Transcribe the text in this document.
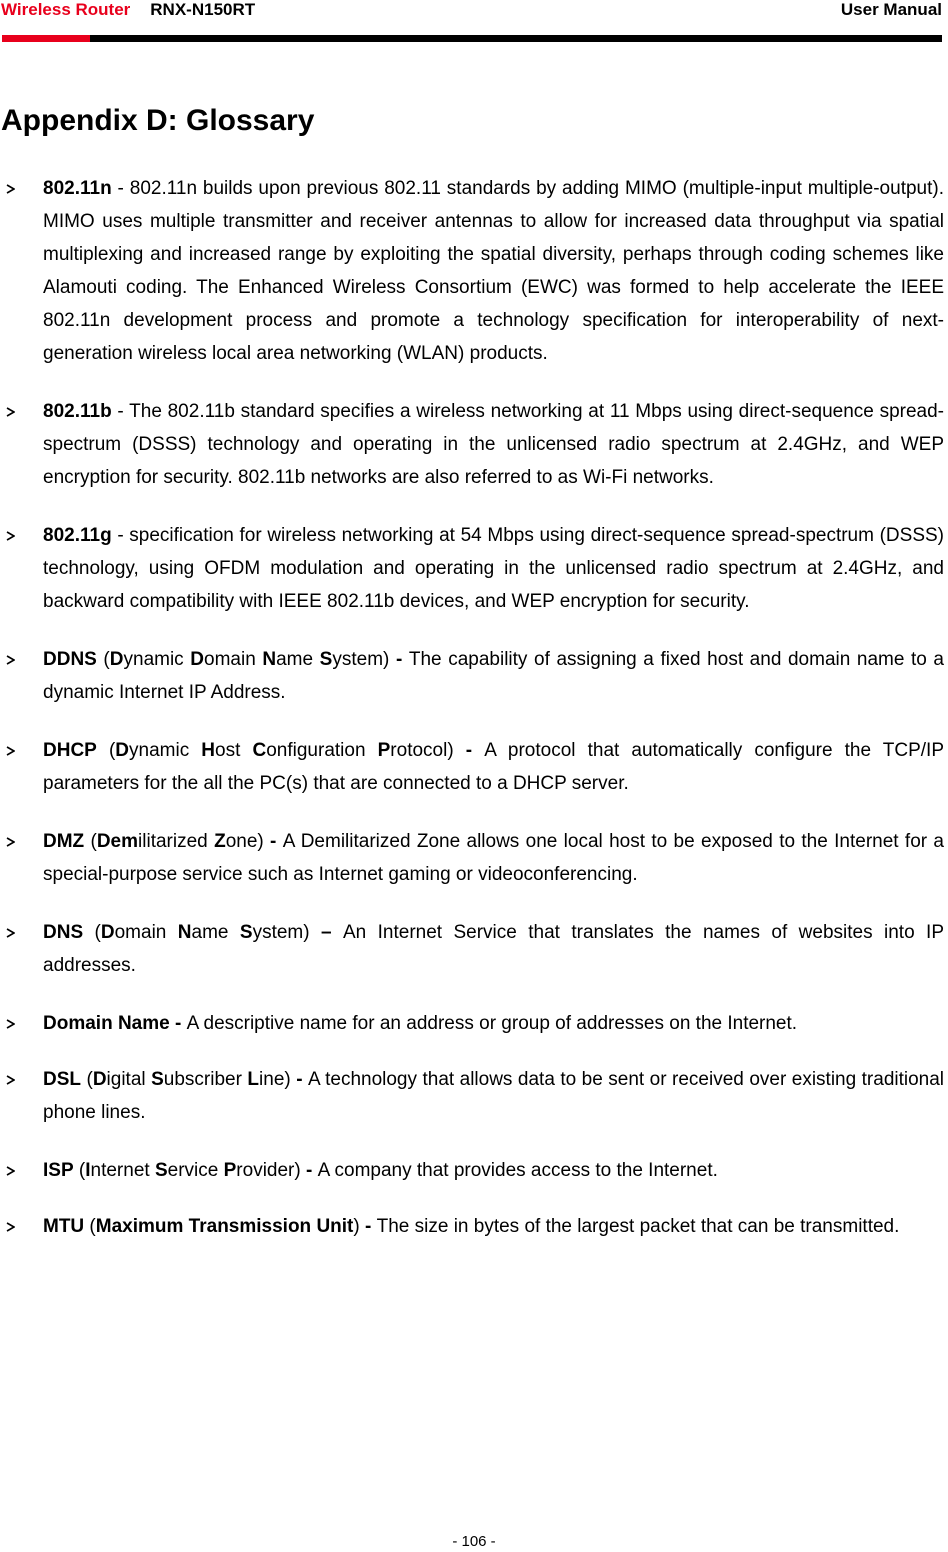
Wireless Router RNX-N150RT	User Manual
Appendix D: Glossary
802.11n - 802.11n builds upon previous 802.11 standards by adding MIMO (multiple-input multiple-output). MIMO uses multiple transmitter and receiver antennas to allow for increased data throughput via spatial multiplexing and increased range by exploiting the spatial diversity, perhaps through coding schemes like Alamouti coding. The Enhanced Wireless Consortium (EWC) was formed to help accelerate the IEEE 802.11n development process and promote a technology specification for interoperability of next-generation wireless local area networking (WLAN) products.
802.11b - The 802.11b standard specifies a wireless networking at 11 Mbps using direct-sequence spread-spectrum (DSSS) technology and operating in the unlicensed radio spectrum at 2.4GHz, and WEP encryption for security. 802.11b networks are also referred to as Wi-Fi networks.
802.11g - specification for wireless networking at 54 Mbps using direct-sequence spread-spectrum (DSSS) technology, using OFDM modulation and operating in the unlicensed radio spectrum at 2.4GHz, and backward compatibility with IEEE 802.11b devices, and WEP encryption for security.
DDNS (Dynamic Domain Name System) - The capability of assigning a fixed host and domain name to a dynamic Internet IP Address.
DHCP (Dynamic Host Configuration Protocol) - A protocol that automatically configure the TCP/IP parameters for the all the PC(s) that are connected to a DHCP server.
DMZ (Demilitarized Zone) - A Demilitarized Zone allows one local host to be exposed to the Internet for a special-purpose service such as Internet gaming or videoconferencing.
DNS (Domain Name System) – An Internet Service that translates the names of websites into IP addresses.
Domain Name - A descriptive name for an address or group of addresses on the Internet.
DSL (Digital Subscriber Line) - A technology that allows data to be sent or received over existing traditional phone lines.
ISP (Internet Service Provider) - A company that provides access to the Internet.
MTU (Maximum Transmission Unit) - The size in bytes of the largest packet that can be transmitted.
- 106 -
